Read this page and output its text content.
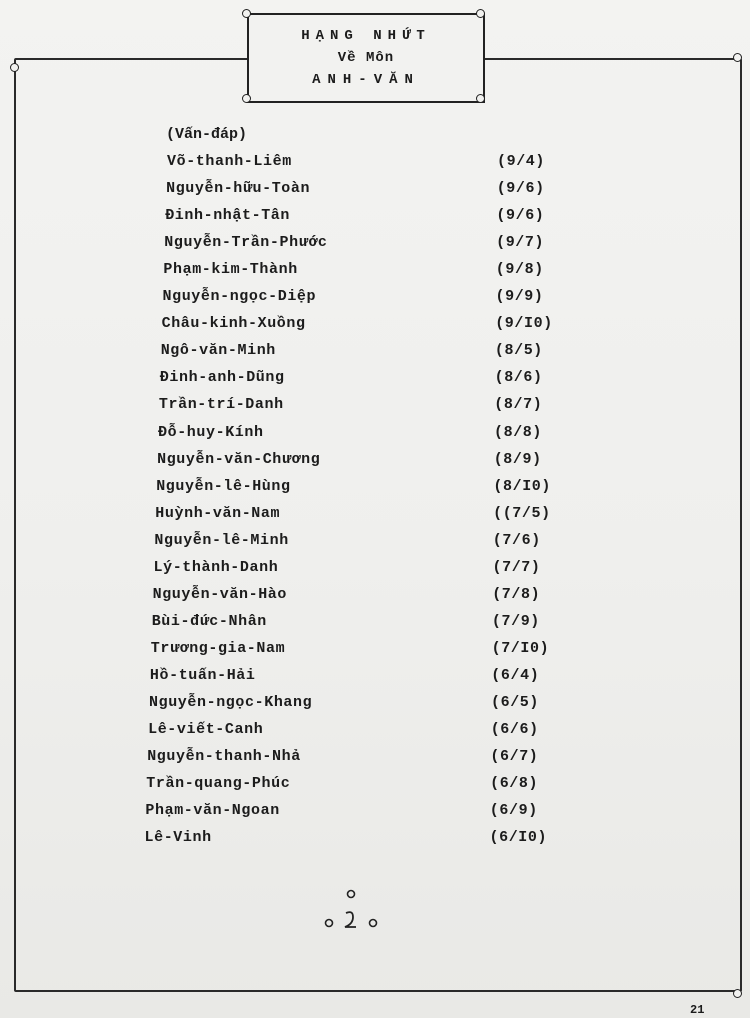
HẠNG NHỨT
Về Môn
ANH-VĂN
(Vấn-đáp)
Võ-thanh-Liêm	(9/4)
Nguyễn-hữu-Toàn	(9/6)
Đinh-nhật-Tân	(9/6)
Nguyễn-Trần-Phước	(9/7)
Phạm-kim-Thành	(9/8)
Nguyễn-ngọc-Diệp	(9/9)
Châu-kinh-Xuồng	(9/I0)
Ngô-văn-Minh	(8/5)
Đinh-anh-Dũng	(8/6)
Trần-trí-Danh	(8/7)
Đỗ-huy-Kính	(8/8)
Nguyễn-văn-Chương	(8/9)
Nguyễn-lê-Hùng	(8/I0)
Huỳnh-văn-Nam	((7/5)
Nguyễn-lê-Minh	(7/6)
Lý-thành-Danh	(7/7)
Nguyễn-văn-Hào	(7/8)
Bùi-đức-Nhân	(7/9)
Trương-gia-Nam	(7/I0)
Hồ-tuấn-Hải	(6/4)
Nguyễn-ngọc-Khang	(6/5)
Lê-viết-Canh	(6/6)
Nguyễn-thanh-Nhả	(6/7)
Trần-quang-Phúc	(6/8)
Phạm-văn-Ngoan	(6/9)
Lê-Vinh	(6/I0)
21
